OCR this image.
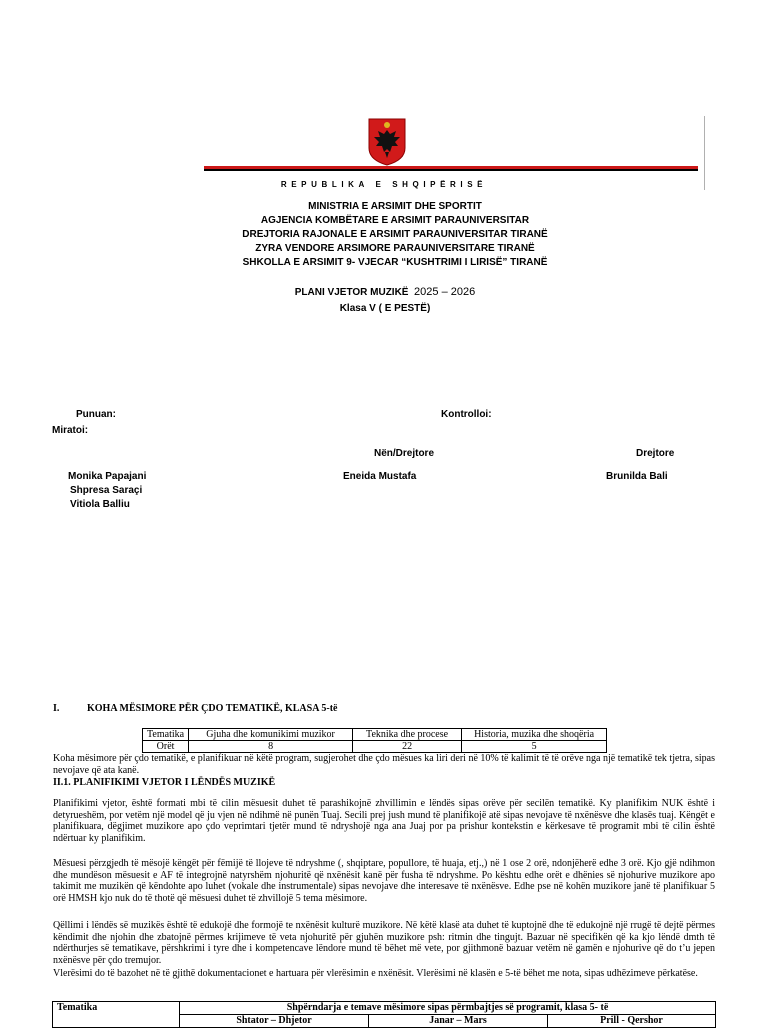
REPUBLIKA E SHQIPËRISË
MINISTRIA E ARSIMIT DHE SPORTIT
AGJENCIA KOMBËTARE E ARSIMIT PARAUNIVERSITAR
DREJTORIA RAJONALE E ARSIMIT PARAUNIVERSITAR TIRANË
ZYRA VENDORE ARSIMORE PARAUNIVERSITARE TIRANË
SHKOLLA E ARSIMIT 9- VJECAR “KUSHTRIMI I LIRISË” TIRANË
PLANI VJETOR MUZIKË 2025 – 2026
Klasa V ( E PESTË)
Punuan:	Kontrolloi:
Miratoi:
Nën/Drejtore	Drejtore
Monika Papajani
Shpresa Saraçi
Vitiola Balliu
Eneida Mustafa	Brunilda Bali
I.	KOHA MËSIMORE PËR ÇDO TEMATIKË, KLASA 5-të
Tematika	Gjuha dhe komunikimi muzikor	Teknika dhe procese	Historia, muzika dhe shoqëria
Orët	8	22	5
Koha mësimore për çdo tematikë, e planifikuar në këtë program, sugjerohet dhe çdo mësues ka liri deri në 10% të kalimit të të orëve nga një tematikë tek tjetra, sipas nevojave që ata kanë.
II.1. PLANIFIKIMI VJETOR I LËNDËS MUZIKË
Planifikimi vjetor, është formati mbi të cilin mësuesit duhet të parashikojnë zhvillimin e lëndës sipas orëve për secilën tematikë. Ky planifikim NUK është i detyrueshëm, por vetëm një model që ju vjen në ndihmë në punën Tuaj. Secili prej jush mund të planifikojë atë sipas nevojave të nxënësve dhe klasës tuaj. Këngët e planifikuara, dëgjimet muzikore apo çdo veprimtari tjetër mund të ndryshojë nga ana Juaj por pa prishur kontekstin e kërkesave të programit mbi të cilin është ndërtuar ky planifikim.
Mësuesi përzgjedh të mësojë këngët për fëmijë të llojeve të ndryshme (, shqiptare, popullore, të huaja, etj.,) në 1 ose 2 orë, ndonjëherë edhe 3 orë. Kjo gjë ndihmon dhe mundëson mësuesit e AF të integrojnë natyrshëm njohuritë që nxënësit kanë për fusha të ndryshme. Po kështu edhe orët e dhënies së njohurive muzikore apo takimit me muzikën që këndohte apo luhet (vokale dhe instrumentale) sipas nevojave dhe interesave të nxënësve. Edhe pse në kohën muzikore janë të planifikuar 5 orë HMSH kjo nuk do të thotë që mësuesi duhet të zhvillojë 5 tema mësimore.
Qëllimi i lëndës së muzikës është të edukojë dhe formojë te nxënësit kulturë muzikore. Në këtë klasë ata duhet të kuptojnë dhe të edukojnë një rrugë të dejtë përmes këndimit dhe njohin dhe zbatojnë përmes krijimeve të veta njohuritë për gjuhën muzikore psh: ritmin dhe tingujt. Bazuar në specifikën që ka kjo lëndë dmth të ndërthurjes së tematikave, përshkrimi i tyre dhe i kompetencave lëndore mund të bëhet më vete, por gjithmonë bazuar vetëm në gamën e njohurive që do t’u jepen nxënësve për çdo tremujor.
Vlerësimi do të bazohet në të gjithë dokumentacionet e hartuara për vlerësimin e nxënësit. Vlerësimi në klasën e 5-të bëhet me nota, sipas udhëzimeve përkatëse.
Tematika	Shpërndarja e temave mësimore sipas përmbajtjes së programit, klasa 5- të		
	Shtator – Dhjetor	Janar – Mars	Prill - Qershor
